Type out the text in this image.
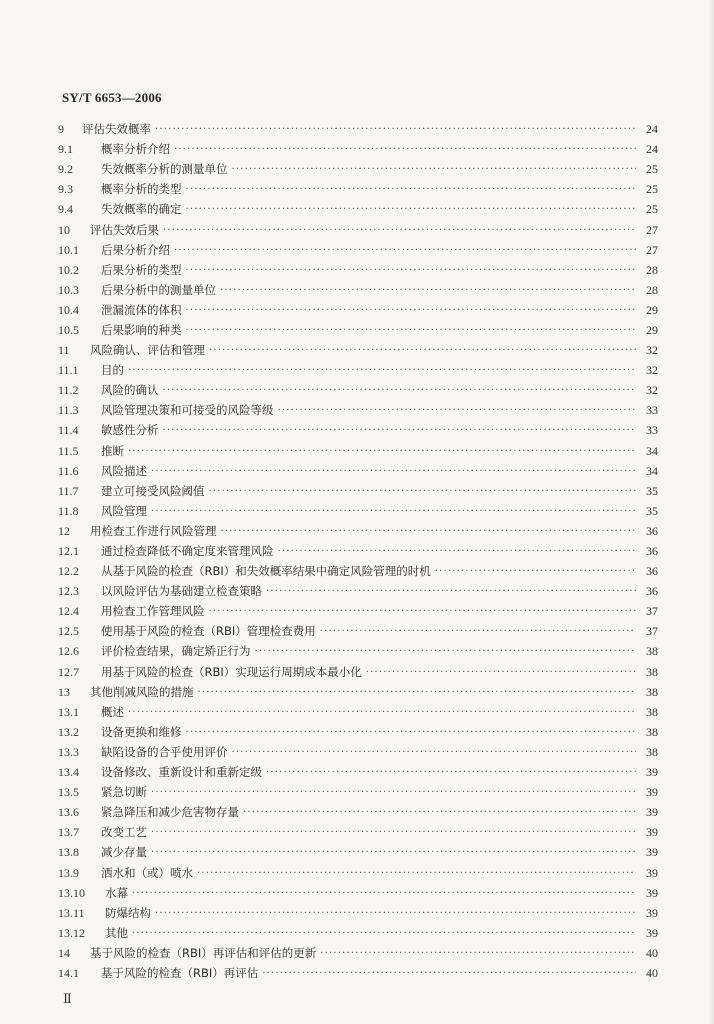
SY/T 6653—2006
9	评估失效概率 ·····	24
9.1	概率分析介绍 ·····	24
9.2	失效概率分析的测量单位 ·····	25
9.3	概率分析的类型 ·····	25
9.4	失效概率的确定 ·····	25
10	评估失效后果 ·····	27
10.1	后果分析介绍 ·····	27
10.2	后果分析的类型 ·····	28
10.3	后果分析中的测量单位 ·····	28
10.4	泄漏流体的体积 ·····	29
10.5	后果影响的种类 ·····	29
11	风险确认、评估和管理 ·····	32
11.1	目的 ·····	32
11.2	风险的确认 ·····	32
11.3	风险管理决策和可接受的风险等级 ·····	33
11.4	敏感性分析 ·····	33
11.5	推断 ·····	34
11.6	风险描述 ·····	34
11.7	建立可接受风险阈值 ·····	35
11.8	风险管理 ·····	35
12	用检查工作进行风险管理 ·····	36
12.1	通过检查降低不确定度来管理风险 ·····	36
12.2	从基于风险的检查（RBI）和失效概率结果中确定风险管理的时机 ·····	36
12.3	以风险评估为基础建立检查策略 ·····	36
12.4	用检查工作管理风险 ·····	37
12.5	使用基于风险的检查（RBI）管理检查费用 ·····	37
12.6	评价检查结果，确定矫正行为 ·····	38
12.7	用基于风险的检查（RBI）实现运行周期成本最小化 ·····	38
13	其他削减风险的措施 ·····	38
13.1	概述 ·····	38
13.2	设备更换和维修 ·····	38
13.3	缺陷设备的合乎使用评价 ·····	38
13.4	设备修改、重新设计和重新定级 ·····	39
13.5	紧急切断 ·····	39
13.6	紧急降压和减少危害物存量 ·····	39
13.7	改变工艺 ·····	39
13.8	减少存量 ·····	39
13.9	洒水和（或）喷水 ·····	39
13.10	水幕 ·····	39
13.11	防爆结构 ·····	39
13.12	其他 ·····	39
14	基于风险的检查（RBI）再评估和评估的更新 ·····	40
14.1	基于风险的检查（RBI）再评估 ·····	40
Ⅱ
